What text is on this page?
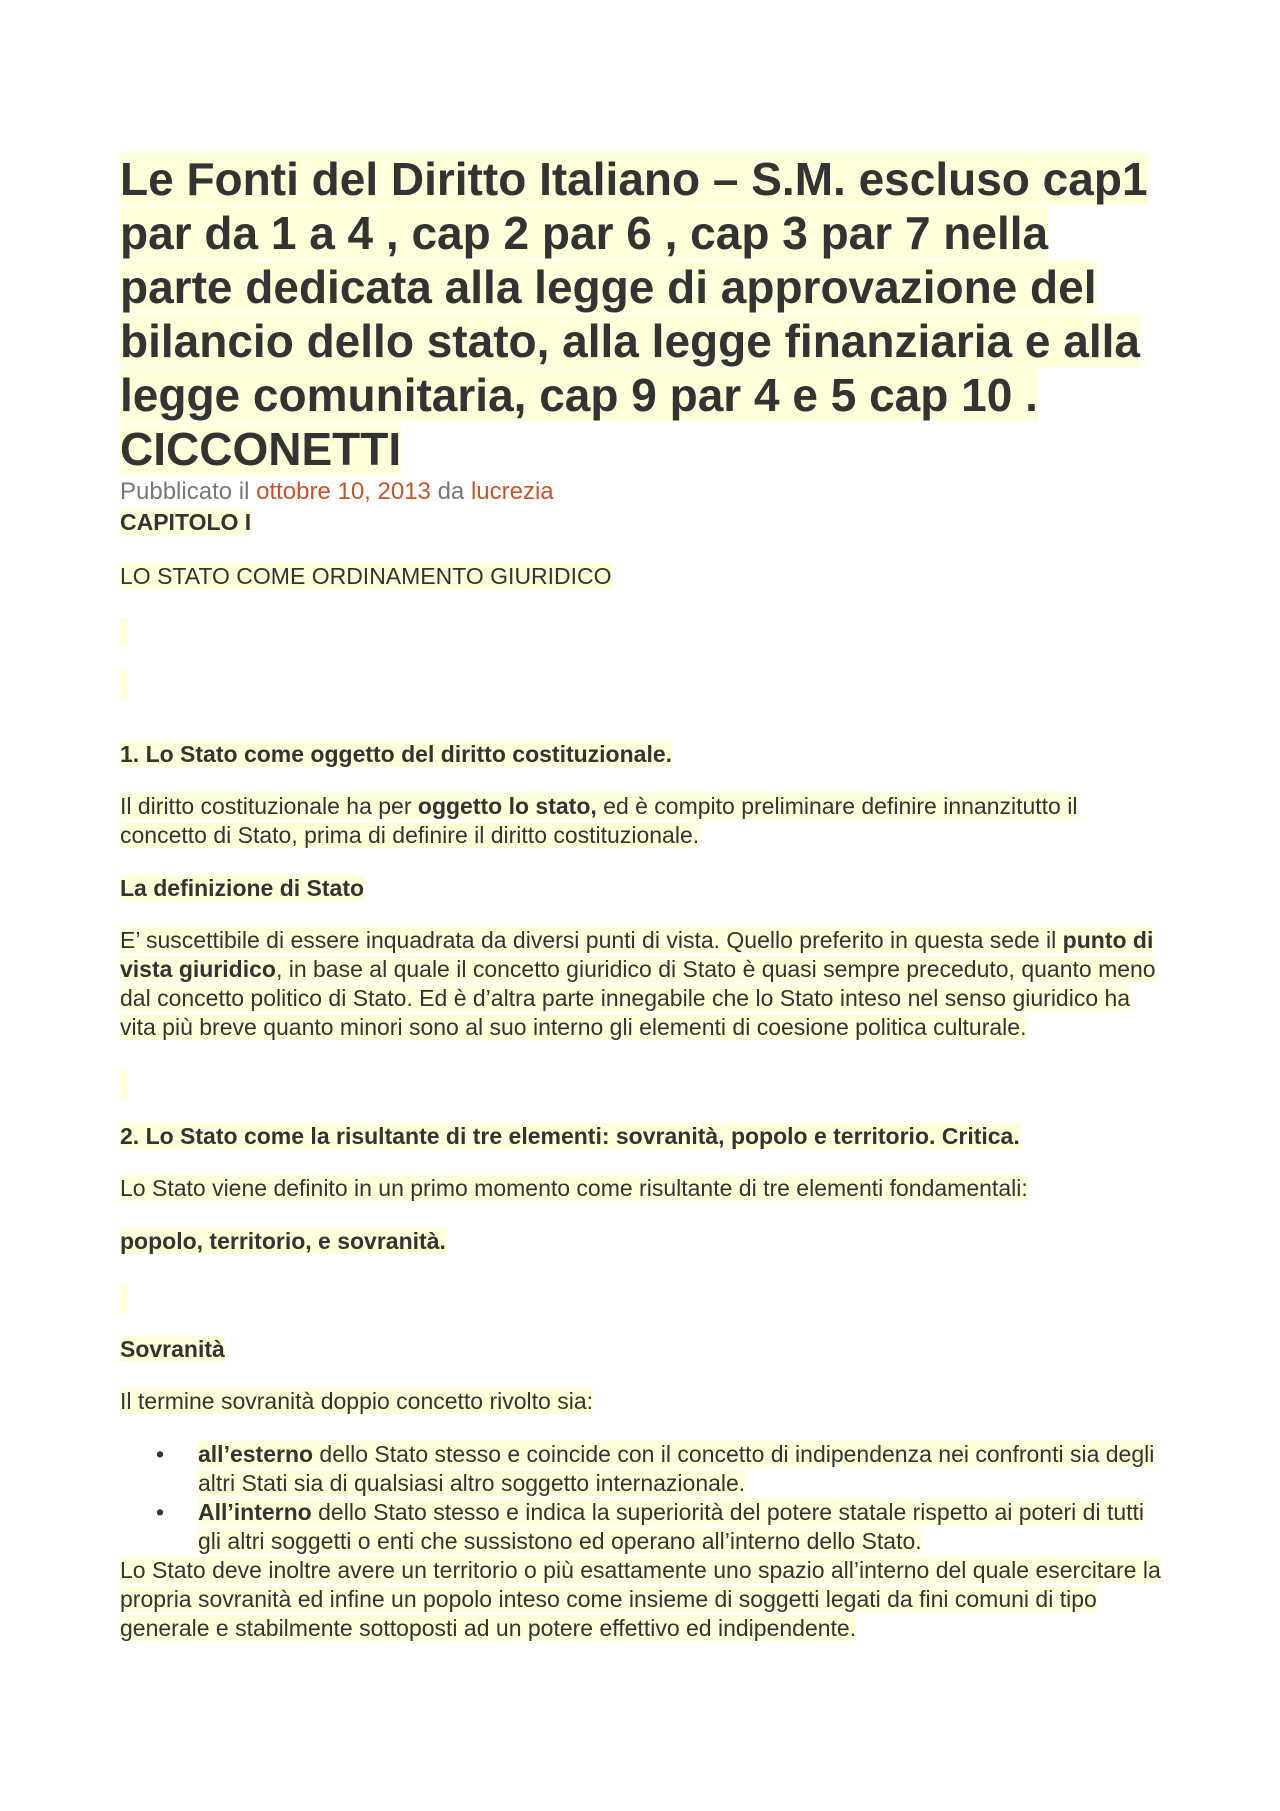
Le Fonti del Diritto Italiano – S.M. escluso cap1 par da 1 a 4 , cap 2 par 6 , cap 3 par 7 nella parte dedicata alla legge di approvazione del bilancio dello stato, alla legge finanziaria e alla legge comunitaria, cap 9 par 4 e 5 cap 10 . CICCONETTI
Pubblicato il ottobre 10, 2013 da lucrezia
CAPITOLO I
LO STATO COME ORDINAMENTO GIURIDICO
1. Lo Stato come oggetto del diritto costituzionale.
Il diritto costituzionale ha per oggetto lo stato, ed è compito preliminare definire innanzitutto il concetto di Stato, prima di definire il diritto costituzionale.
La definizione di Stato
E’ suscettibile di essere inquadrata da diversi punti di vista. Quello preferito in questa sede il punto di vista giuridico, in base al quale il concetto giuridico di Stato è quasi sempre preceduto, quanto meno dal concetto politico di Stato. Ed è d’altra parte innegabile che lo Stato inteso nel senso giuridico ha vita più breve quanto minori sono al suo interno gli elementi di coesione politica culturale.
2. Lo Stato come la risultante di tre elementi: sovranità, popolo e territorio. Critica.
Lo Stato viene definito in un primo momento come risultante di tre elementi fondamentali:
popolo, territorio, e sovranità.
Sovranità
Il termine sovranità doppio concetto rivolto sia:
• all’esterno dello Stato stesso e coincide con il concetto di indipendenza nei confronti sia degli altri Stati sia di qualsiasi altro soggetto internazionale.
• All’interno dello Stato stesso e indica la superiorità del potere statale rispetto ai poteri di tutti gli altri soggetti o enti che sussistono ed operano all’interno dello Stato.
Lo Stato deve inoltre avere un territorio o più esattamente uno spazio all’interno del quale esercitare la propria sovranità ed infine un popolo inteso come insieme di soggetti legati da fini comuni di tipo generale e stabilmente sottoposti ad un potere effettivo ed indipendente.
